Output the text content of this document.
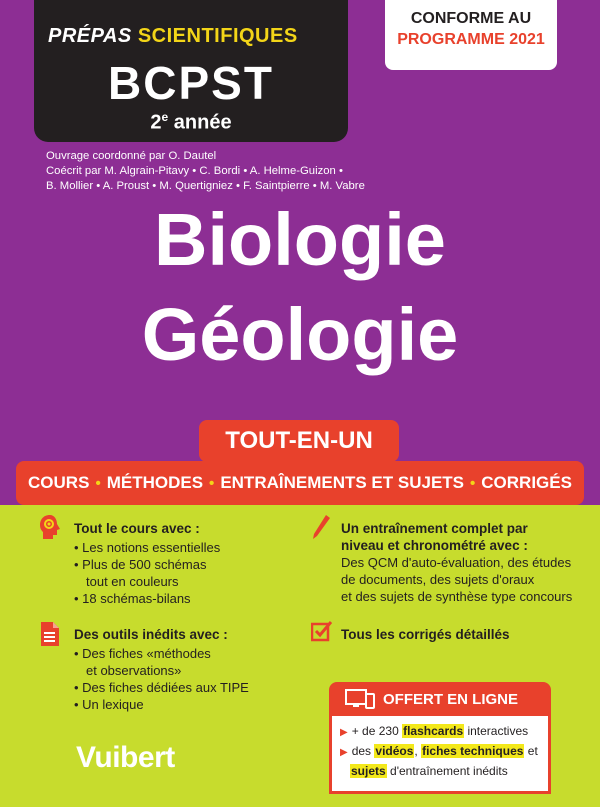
PRÉPAS SCIENTIFIQUES
BCPST
2e année
CONFORME AU
PROGRAMME 2021
Ouvrage coordonné par O. Dautel
Coécrit par M. Algrain-Pitavy • C. Bordi • A. Helme-Guizon •
B. Mollier • A. Proust • M. Quertigniez • F. Saintpierre • M. Vabre
Biologie
Géologie
TOUT-EN-UN
COURS • MÉTHODES • ENTRAÎNEMENTS ET SUJETS • CORRIGÉS
Tout le cours avec :
• Les notions essentielles
• Plus de 500 schémas
tout en couleurs
• 18 schémas-bilans
Des outils inédits avec :
• Des fiches «méthodes
et observations»
• Des fiches dédiées aux TIPE
• Un lexique
Un entraînement complet par
niveau et chronométré avec :
Des QCM d'auto-évaluation, des études
de documents, des sujets d'oraux
et des sujets de synthèse type concours
Tous les corrigés détaillés
OFFERT EN LIGNE
▶ + de 230 flashcards interactives
▶ des vidéos, fiches techniques et
sujets d'entraînement inédits
Vuibert
